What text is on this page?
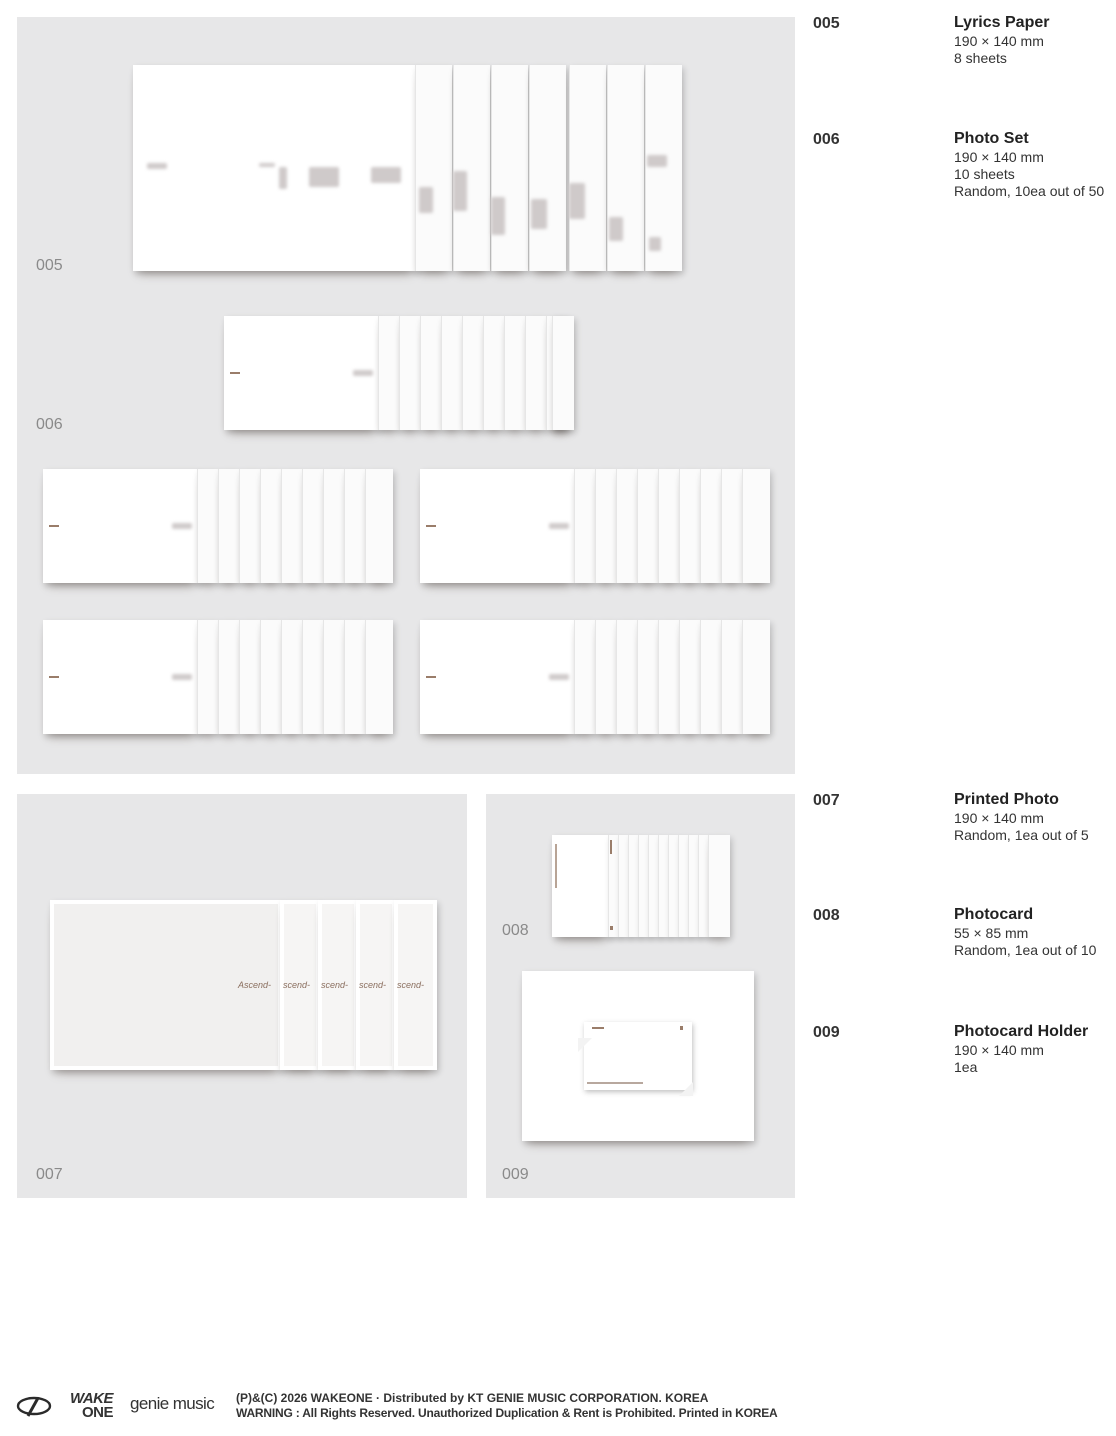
005
006
007
Ascend- scend- scend- scend- scend-
008
009
005	Lyrics Paper
190 × 140 mm
8 sheets
006	Photo Set
190 × 140 mm
10 sheets
Random, 10ea out of 50
007	Printed Photo
190 × 140 mm
Random, 1ea out of 5
008	Photocard
55 × 85 mm
Random, 1ea out of 10
009	Photocard Holder
190 × 140 mm
1ea
WAKE
ONE genie music (P)&(C) 2026 WAKEONE · Distributed by KT GENIE MUSIC CORPORATION. KOREA
WARNING : All Rights Reserved. Unauthorized Duplication & Rent is Prohibited. Printed in KOREA
